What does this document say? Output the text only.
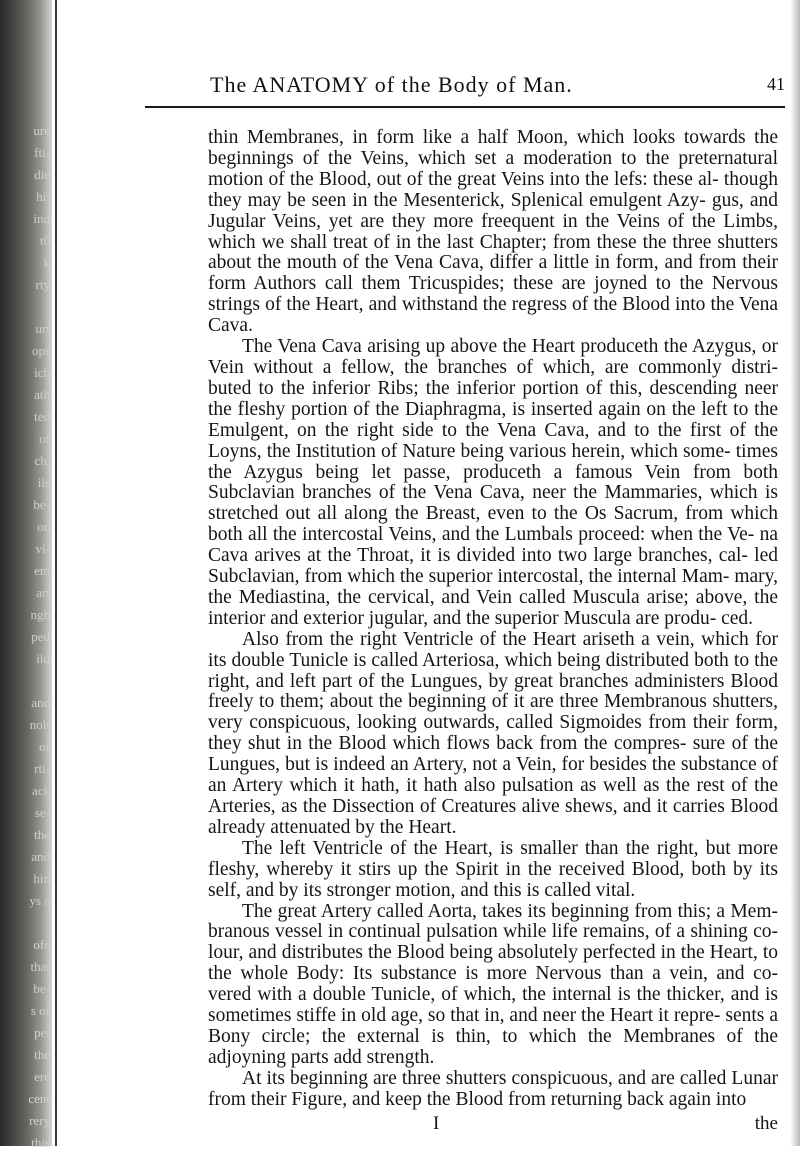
ure
fti-
die
hi;
ind
t0
k
rty

urt
ops
ich
ath
ted
of
ch,
ils
be-
on
vi-
em
art
ngh
ped
ild

and
nolt
of
rti-
ack
se-
the
and
hin
ys a

ofe
that
be-
s of
pet
the
ere
cent
rery
this
The ANATOMY of the Body of Man.	41

thin Membranes, in form like a half Moon, which looks towards the beginnings of the Veins, which set a moderation to the preternatural motion of the Blood, out of the great Veins into the lefs: these al- though they may be seen in the Mesenterick, Splenical emulgent Azy- gus, and Jugular Veins, yet are they more freequent in the Veins of the Limbs, which we shall treat of in the last Chapter; from these the three shutters about the mouth of the Vena Cava, differ a little in form, and from their form Authors call them Tricuspides; these are joyned to the Nervous strings of the Heart, and withstand the regress of the Blood into the Vena Cava.

The Vena Cava arising up above the Heart produceth the Azygus, or Vein without a fellow, the branches of which, are commonly distri- buted to the inferior Ribs; the inferior portion of this, descending neer the fleshy portion of the Diaphragma, is inserted again on the left to the Emulgent, on the right side to the Vena Cava, and to the first of the Loyns, the Institution of Nature being various herein, which some- times the Azygus being let passe, produceth a famous Vein from both Subclavian branches of the Vena Cava, neer the Mammaries, which is stretched out all along the Breast, even to the Os Sacrum, from which both all the intercostal Veins, and the Lumbals proceed: when the Ve- na Cava arives at the Throat, it is divided into two large branches, cal- led Subclavian, from which the superior intercostal, the internal Mam- mary, the Mediastina, the cervical, and Vein called Muscula arise; above, the interior and exterior jugular, and the superior Muscula are produ- ced.

Also from the right Ventricle of the Heart ariseth a vein, which for its double Tunicle is called Arteriosa, which being distributed both to the right, and left part of the Lungues, by great branches administers Blood freely to them; about the beginning of it are three Membranous shutters, very conspicuous, looking outwards, called Sigmoides from their form, they shut in the Blood which flows back from the compres- sure of the Lungues, but is indeed an Artery, not a Vein, for besides the substance of an Artery which it hath, it hath also pulsation as well as the rest of the Arteries, as the Dissection of Creatures alive shews, and it carries Blood already attenuated by the Heart.

The left Ventricle of the Heart, is smaller than the right, but more fleshy, whereby it stirs up the Spirit in the received Blood, both by its self, and by its stronger motion, and this is called vital.

The great Artery called Aorta, takes its beginning from this; a Mem- branous vessel in continual pulsation while life remains, of a shining co- lour, and distributes the Blood being absolutely perfected in the Heart, to the whole Body: Its substance is more Nervous than a vein, and co- vered with a double Tunicle, of which, the internal is the thicker, and is sometimes stiffe in old age, so that in, and neer the Heart it repre- sents a Bony circle; the external is thin, to which the Membranes of the adjoyning parts add strength.

At its beginning are three shutters conspicuous, and are called Lunar from their Figure, and keep the Blood from returning back again into

I	the
